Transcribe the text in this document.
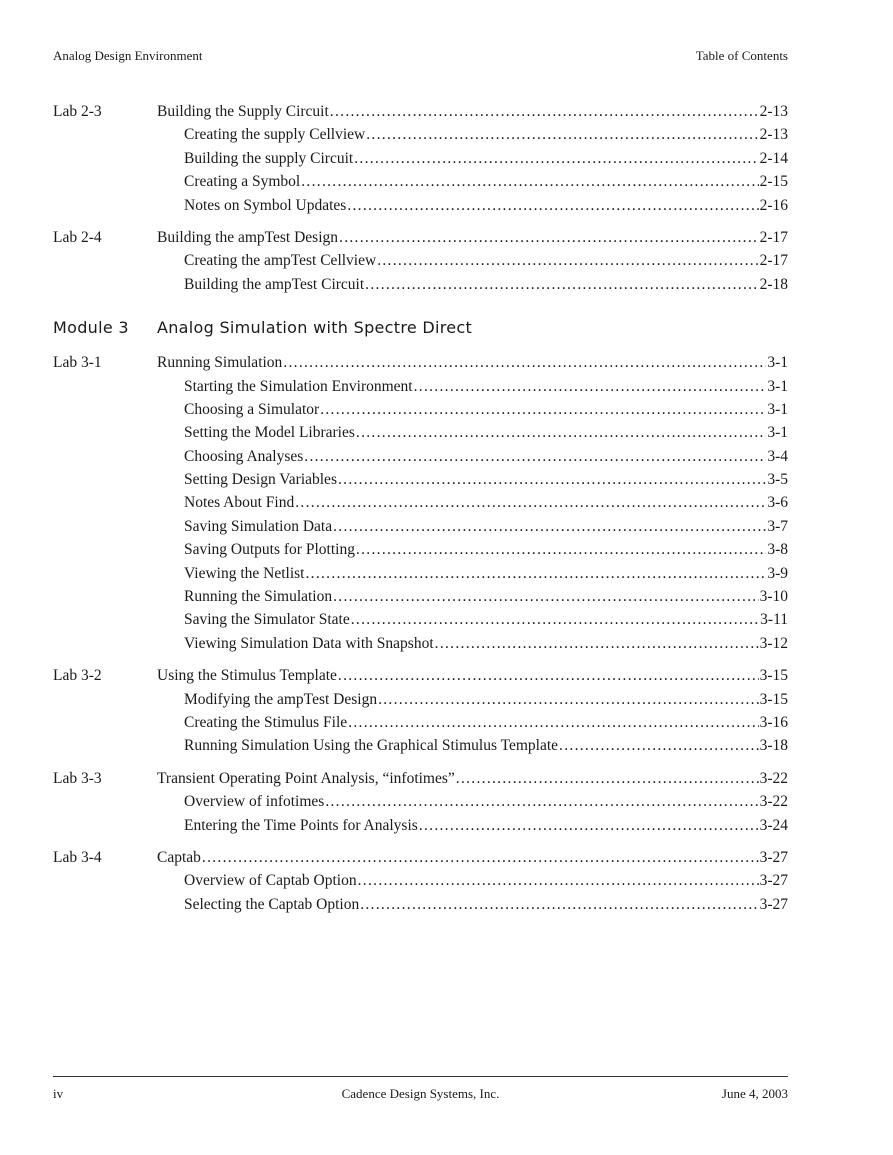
Analog Design Environment	Table of Contents
Lab 2-3	Building the Supply Circuit .....	2-13
Creating the supply Cellview .....	2-13
Building the supply Circuit .....	2-14
Creating a Symbol .....	2-15
Notes on Symbol Updates .....	2-16
Lab 2-4	Building the ampTest Design .....	2-17
Creating the ampTest Cellview .....	2-17
Building the ampTest Circuit .....	2-18
Module 3 Analog Simulation with Spectre Direct
Lab 3-1	Running Simulation .....	3-1
Starting the Simulation Environment .....	3-1
Choosing a Simulator .....	3-1
Setting the Model Libraries .....	3-1
Choosing Analyses .....	3-4
Setting Design Variables .....	3-5
Notes About Find .....	3-6
Saving Simulation Data .....	3-7
Saving Outputs for Plotting .....	3-8
Viewing the Netlist .....	3-9
Running the Simulation .....	3-10
Saving the Simulator State .....	3-11
Viewing Simulation Data with Snapshot .....	3-12
Lab 3-2	Using the Stimulus Template .....	3-15
Modifying the ampTest Design .....	3-15
Creating the Stimulus File .....	3-16
Running Simulation Using the Graphical Stimulus Template .....	3-18
Lab 3-3	Transient Operating Point Analysis, “infotimes” .....	3-22
Overview of infotimes .....	3-22
Entering the Time Points for Analysis .....	3-24
Lab 3-4	Captab .....	3-27
Overview of Captab Option .....	3-27
Selecting the Captab Option .....	3-27
iv	Cadence Design Systems, Inc.	June 4, 2003
